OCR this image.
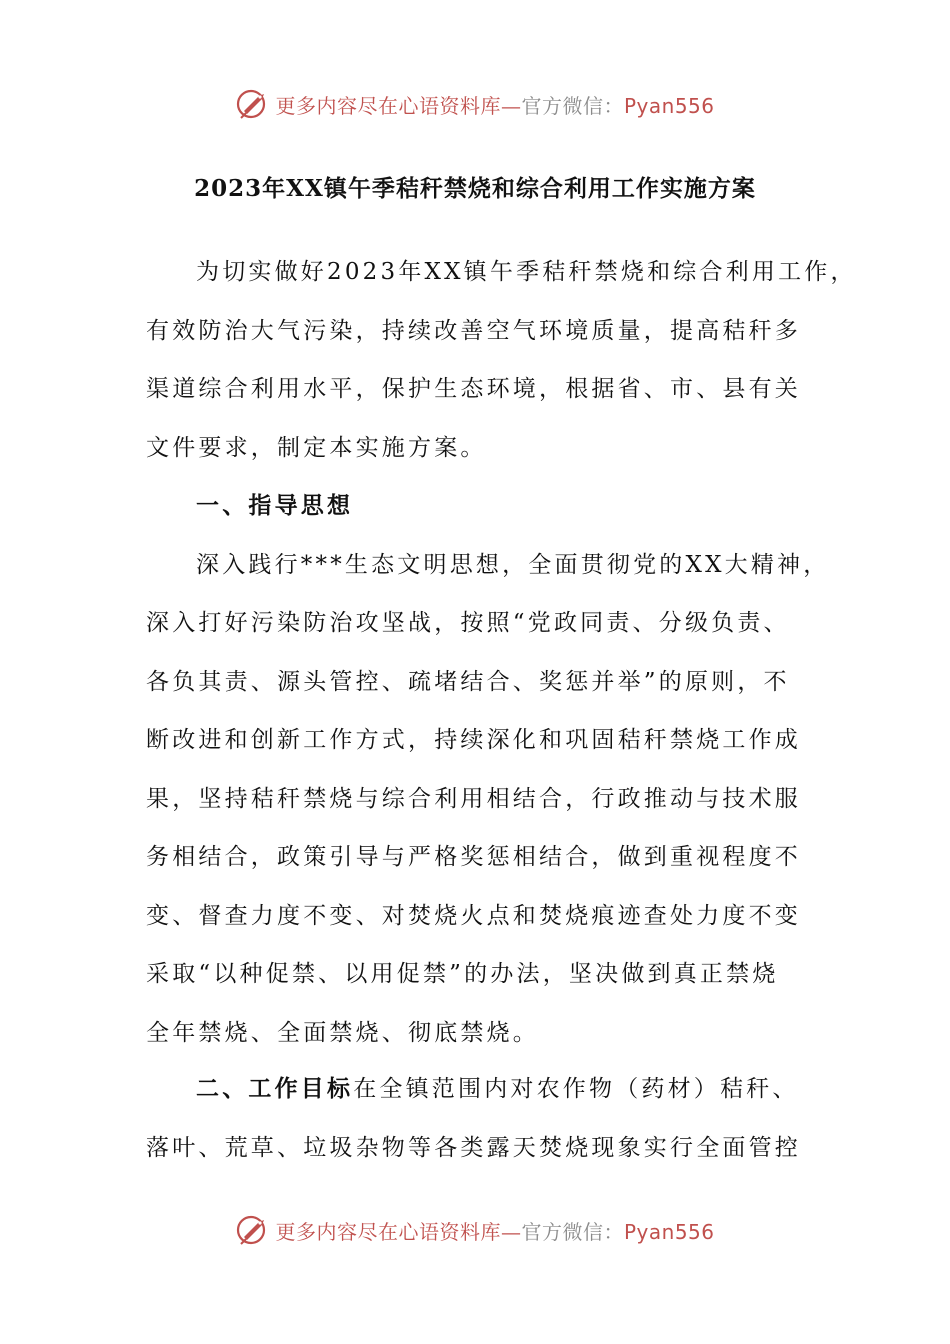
更多内容尽在心语资料库—官方微信：Pyan556
2023年XX镇午季秸秆禁烧和综合利用工作实施方案
为切实做好2023年XX镇午季秸秆禁烧和综合利用工作，
有效防治大气污染，持续改善空气环境质量，提高秸秆多
渠道综合利用水平，保护生态环境，根据省、市、县有关
文件要求，制定本实施方案。
一、指导思想
深入践行***生态文明思想，全面贯彻党的XX大精神，
深入打好污染防治攻坚战，按照“党政同责、分级负责、
各负其责、源头管控、疏堵结合、奖惩并举”的原则，不
断改进和创新工作方式，持续深化和巩固秸秆禁烧工作成
果，坚持秸秆禁烧与综合利用相结合，行政推动与技术服
务相结合，政策引导与严格奖惩相结合，做到重视程度不
变、督查力度不变、对焚烧火点和焚烧痕迹查处力度不变
采取“以种促禁、以用促禁”的办法，坚决做到真正禁烧
全年禁烧、全面禁烧、彻底禁烧。
二、工作目标在全镇范围内对农作物（药材）秸秆、
落叶、荒草、垃圾杂物等各类露天焚烧现象实行全面管控
更多内容尽在心语资料库—官方微信：Pyan556
